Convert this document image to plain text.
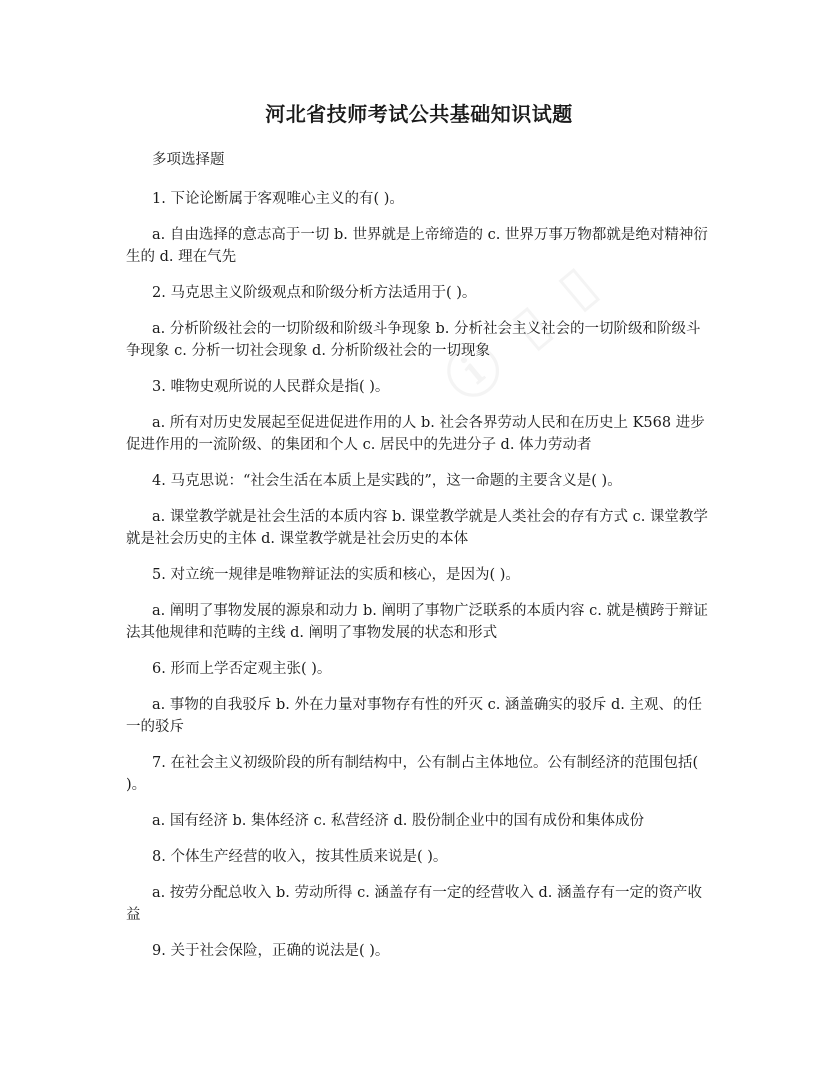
河北省技师考试公共基础知识试题
多项选择题

1. 下论论断属于客观唯心主义的有( )。

a. 自由选择的意志高于一切 b. 世界就是上帝缔造的 c. 世界万事万物都就是绝对精神衍生的 d. 理在气先

2. 马克思主义阶级观点和阶级分析方法适用于( )。

a. 分析阶级社会的一切阶级和阶级斗争现象 b. 分析社会主义社会的一切阶级和阶级斗争现象 c. 分析一切社会现象 d. 分析阶级社会的一切现象

3. 唯物史观所说的人民群众是指( )。

a. 所有对历史发展起至促进促进作用的人 b. 社会各界劳动人民和在历史上 K568 进步促进作用的一流阶级、的集团和个人 c. 居民中的先进分子 d. 体力劳动者

4. 马克思说：“社会生活在本质上是实践的”，这一命题的主要含义是( )。

a. 课堂教学就是社会生活的本质内容 b. 课堂教学就是人类社会的存有方式 c. 课堂教学就是社会历史的主体 d. 课堂教学就是社会历史的本体

5. 对立统一规律是唯物辩证法的实质和核心，是因为( )。

a. 阐明了事物发展的源泉和动力 b. 阐明了事物广泛联系的本质内容 c. 就是横跨于辩证法其他规律和范畴的主线 d. 阐明了事物发展的状态和形式

6. 形而上学否定观主张( )。

a. 事物的自我驳斥 b. 外在力量对事物存有性的歼灭 c. 涵盖确实的驳斥 d. 主观、的任一的驳斥

7. 在社会主义初级阶段的所有制结构中，公有制占主体地位。公有制经济的范围包括( )。

a. 国有经济 b. 集体经济 c. 私营经济 d. 股份制企业中的国有成份和集体成份

8. 个体生产经营的收入，按其性质来说是( )。

a. 按劳分配总收入 b. 劳动所得 c. 涵盖存有一定的经营收入 d. 涵盖存有一定的资产收益

9. 关于社会保险，正确的说法是( )。
